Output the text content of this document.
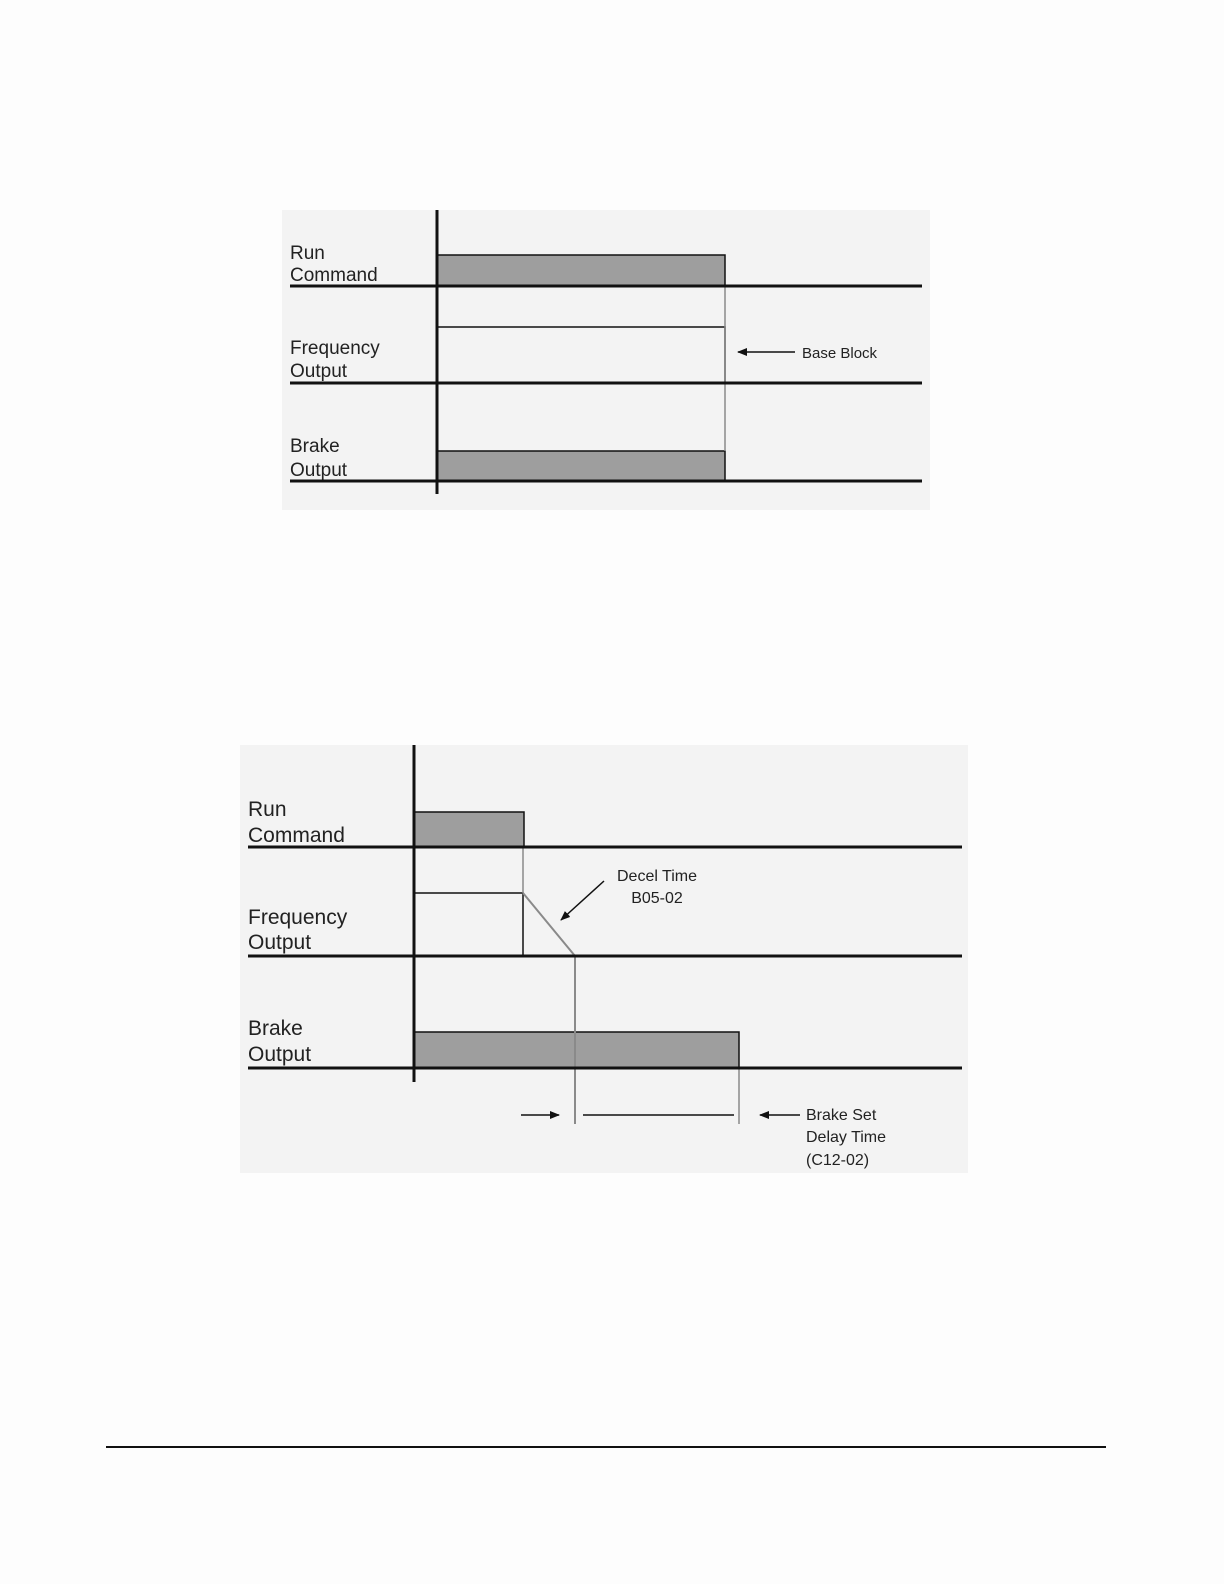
Run
Command
Frequency
Output
Brake
Output
Base Block
Run
Command
Frequency
Output
Brake
Output
Decel Time
B05-02
Brake Set
Delay Time
(C12-02)
